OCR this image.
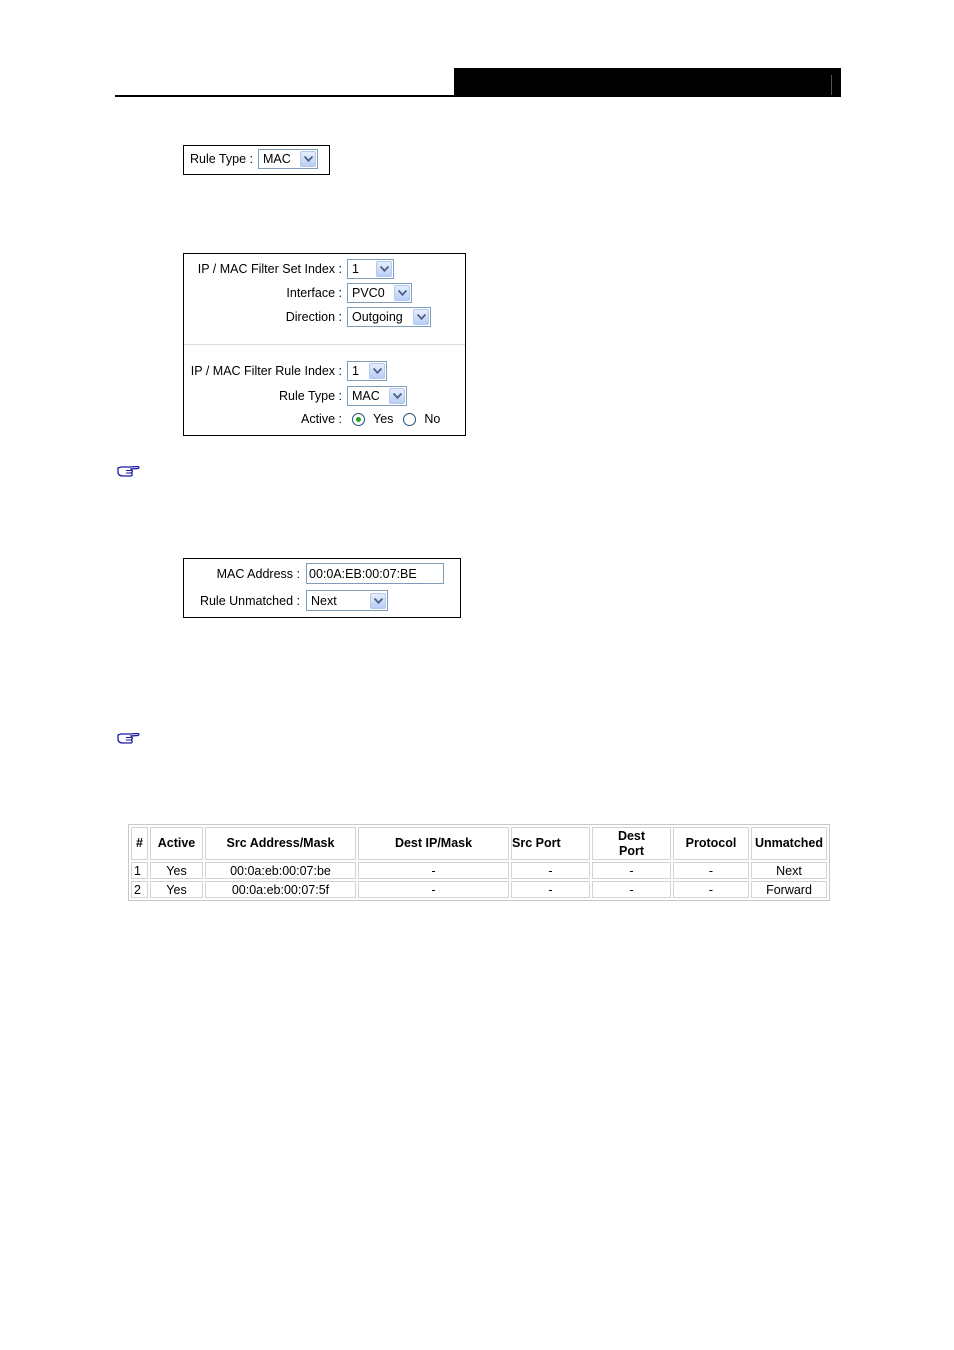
Rule Type : MAC
IP / MAC Filter Set Index : 1
Interface : PVC0
Direction : Outgoing
IP / MAC Filter Rule Index : 1
Rule Type : MAC
Active : Yes No
MAC Address : 00:0A:EB:00:07:BE
Rule Unmatched : Next
#	Active	Src Address/Mask	Dest IP/Mask	Src Port	Dest Port	Protocol	Unmatched
1	Yes	00:0a:eb:00:07:be	-	-	-	-	Next
2	Yes	00:0a:eb:00:07:5f	-	-	-	-	Forward
